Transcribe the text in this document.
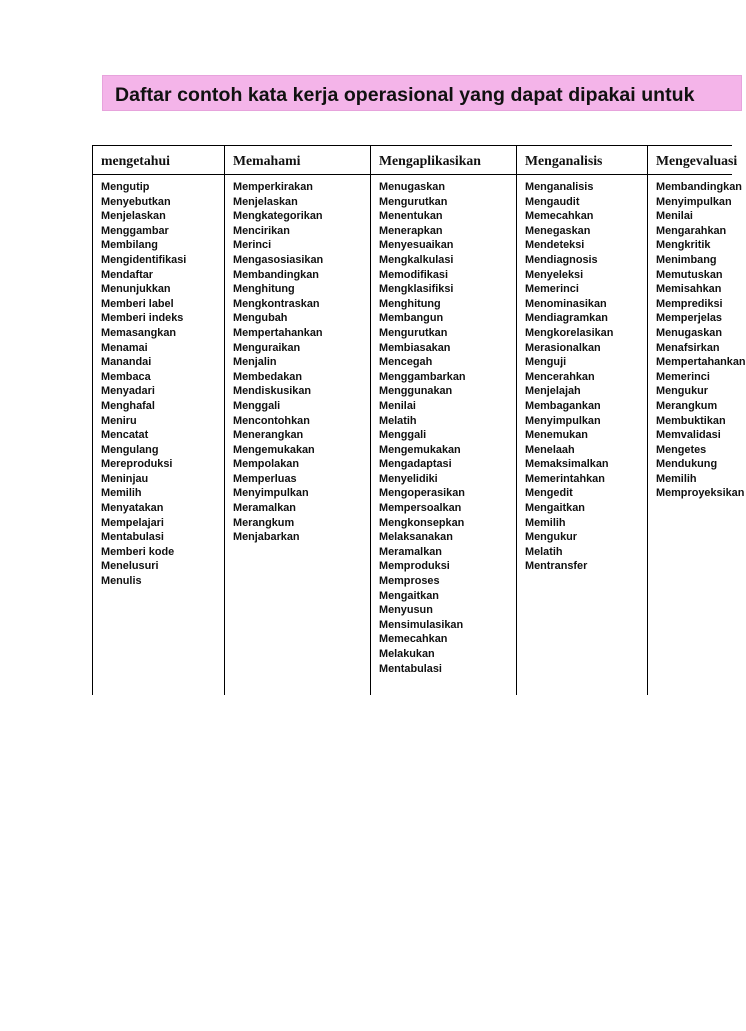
Daftar contoh kata kerja operasional yang dapat dipakai untuk
mengetahui
Mengutip
Menyebutkan
Menjelaskan
Menggambar
Membilang
Mengidentifikasi
Mendaftar
Menunjukkan
Memberi label
Memberi indeks
Memasangkan
Menamai
Manandai
Membaca
Menyadari
Menghafal
Meniru
Mencatat
Mengulang
Mereproduksi
Meninjau
Memilih
Menyatakan
Mempelajari
Mentabulasi
Memberi kode
Menelusuri
Menulis
Memahami
Memperkirakan
Menjelaskan
Mengkategorikan
Mencirikan
Merinci
Mengasosiasikan
Membandingkan
Menghitung
Mengkontraskan
Mengubah
Mempertahankan
Menguraikan
Menjalin
Membedakan
Mendiskusikan
Menggali
Mencontohkan
Menerangkan
Mengemukakan
Mempolakan
Memperluas
Menyimpulkan
Meramalkan
Merangkum
Menjabarkan
Mengaplikasikan
Menugaskan
Mengurutkan
Menentukan
Menerapkan
Menyesuaikan
Mengkalkulasi
Memodifikasi
Mengklasifiksi
Menghitung
Membangun
Mengurutkan
Membiasakan
Mencegah
Menggambarkan
Menggunakan
Menilai
Melatih
Menggali
Mengemukakan
Mengadaptasi
Menyelidiki
Mengoperasikan
Mempersoalkan
Mengkonsepkan
Melaksanakan
Meramalkan
Memproduksi
Memproses
Mengaitkan
Menyusun
Mensimulasikan
Memecahkan
Melakukan
Mentabulasi
Menganalisis
Menganalisis
Mengaudit
Memecahkan
Menegaskan
Mendeteksi
Mendiagnosis
Menyeleksi
Memerinci
Menominasikan
Mendiagramkan
Mengkorelasikan
Merasionalkan
Menguji
Mencerahkan
Menjelajah
Membagankan
Menyimpulkan
Menemukan
Menelaah
Memaksimalkan
Memerintahkan
Mengedit
Mengaitkan
Memilih
Mengukur
Melatih
Mentransfer
Mengevaluasi
Membandingkan
Menyimpulkan
Menilai
Mengarahkan
Mengkritik
Menimbang
Memutuskan
Memisahkan
Memprediksi
Memperjelas
Menugaskan
Menafsirkan
Mempertahankan
Memerinci
Mengukur
Merangkum
Membuktikan
Memvalidasi
Mengetes
Mendukung
Memilih
Memproyeksikan
